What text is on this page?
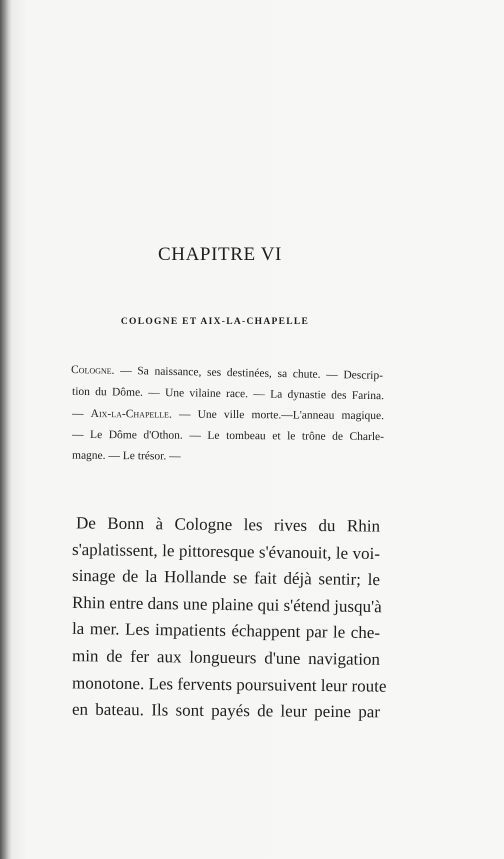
CHAPITRE VI
COLOGNE ET AIX-LA-CHAPELLE
Cologne. — Sa naissance, ses destinées, sa chute. — Descrip-
tion du Dôme. — Une vilaine race. — La dynastie des Farina.
— Aix-la-Chapelle. — Une ville morte.—L'anneau magique.
— Le Dôme d'Othon. — Le tombeau et le trône de Charle-
magne. — Le trésor. —
De Bonn à Cologne les rives du Rhin
s'aplatissent, le pittoresque s'évanouit, le voi-
sinage de la Hollande se fait déjà sentir; le
Rhin entre dans une plaine qui s'étend jusqu'à
la mer. Les impatients échappent par le che-
min de fer aux longueurs d'une navigation
monotone. Les fervents poursuivent leur route
en bateau. Ils sont payés de leur peine par
